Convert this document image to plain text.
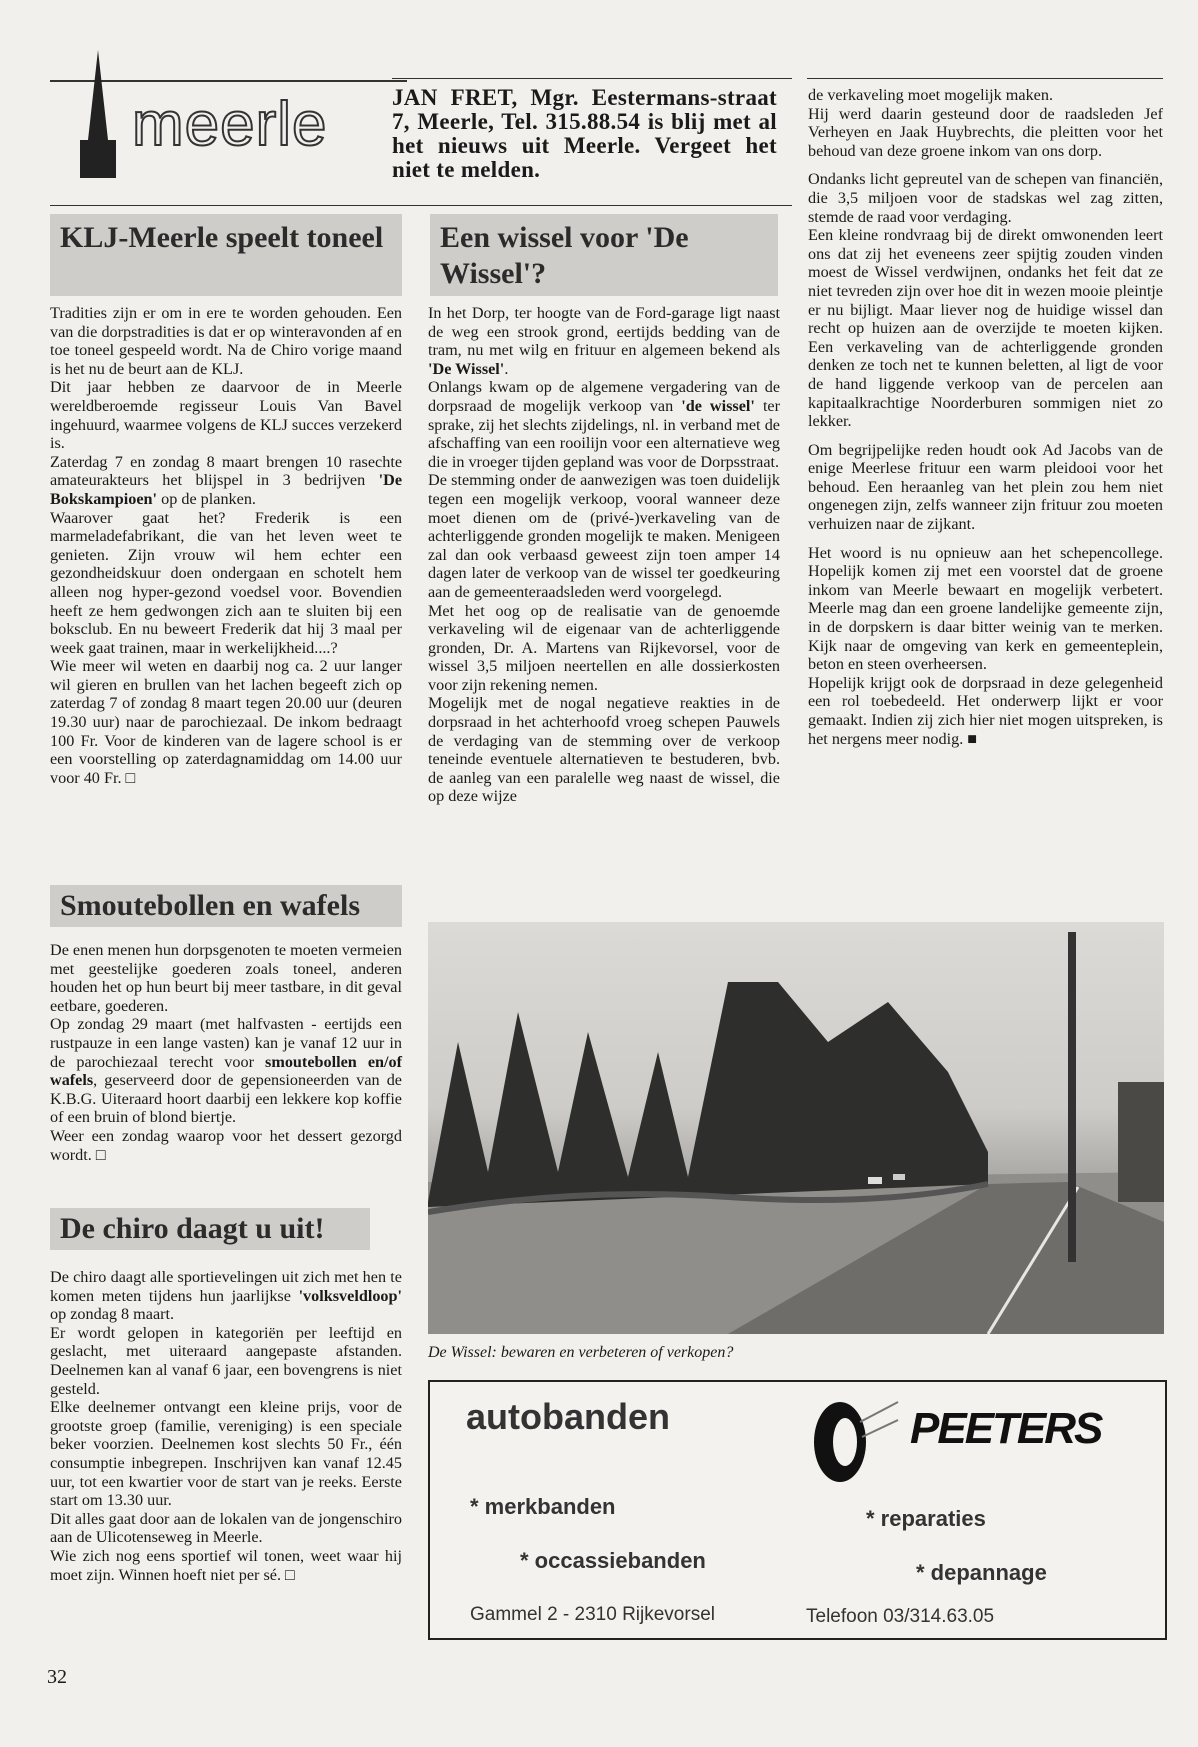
meerle	JAN FRET, Mgr. Eestermans-straat 7, Meerle, Tel. 315.88.54 is blij met al het nieuws uit Meerle. Vergeet het niet te melden.
KLJ-Meerle speelt toneel

Tradities zijn er om in ere te worden gehouden. Een van die dorpstradities is dat er op winteravonden af en toe toneel gespeeld wordt. Na de Chiro vorige maand is het nu de beurt aan de KLJ.

Dit jaar hebben ze daarvoor de in Meerle wereldberoemde regisseur Louis Van Bavel ingehuurd, waarmee volgens de KLJ succes verzekerd is.

Zaterdag 7 en zondag 8 maart brengen 10 rasechte amateurakteurs het blijspel in 3 bedrijven 'De Bokskampioen' op de planken.

Waarover gaat het? Frederik is een marmeladefabrikant, die van het leven weet te genieten. Zijn vrouw wil hem echter een gezondheidskuur doen ondergaan en schotelt hem alleen nog hyper-gezond voedsel voor. Bovendien heeft ze hem gedwongen zich aan te sluiten bij een boksclub. En nu beweert Frederik dat hij 3 maal per week gaat trainen, maar in werkelijkheid....?

Wie meer wil weten en daarbij nog ca. 2 uur langer wil gieren en brullen van het lachen begeeft zich op zaterdag 7 of zondag 8 maart tegen 20.00 uur (deuren 19.30 uur) naar de parochiezaal. De inkom bedraagt 100 Fr. Voor de kinderen van de lagere school is er een voorstelling op zaterdagnamiddag om 14.00 uur voor 40 Fr. □

Smoutebollen en wafels

De enen menen hun dorpsgenoten te moeten vermeien met geestelijke goederen zoals toneel, anderen houden het op hun beurt bij meer tastbare, in dit geval eetbare, goederen.

Op zondag 29 maart (met halfvasten - eertijds een rustpauze in een lange vasten) kan je vanaf 12 uur in de parochiezaal terecht voor smoutebollen en/of wafels, geserveerd door de gepensioneerden van de K.B.G. Uiteraard hoort daarbij een lekkere kop koffie of een bruin of blond biertje.

Weer een zondag waarop voor het dessert gezorgd wordt. □

De chiro daagt u uit!

De chiro daagt alle sportievelingen uit zich met hen te komen meten tijdens hun jaarlijkse 'volksveldloop' op zondag 8 maart.

Er wordt gelopen in kategoriën per leeftijd en geslacht, met uiteraard aangepaste afstanden. Deelnemen kan al vanaf 6 jaar, een bovengrens is niet gesteld.

Elke deelnemer ontvangt een kleine prijs, voor de grootste groep (familie, vereniging) is een speciale beker voorzien. Deelnemen kost slechts 50 Fr., één consumptie inbegrepen. Inschrijven kan vanaf 12.45 uur, tot een kwartier voor de start van je reeks. Eerste start om 13.30 uur.

Dit alles gaat door aan de lokalen van de jongenschiro aan de Ulicotenseweg in Meerle.

Wie zich nog eens sportief wil tonen, weet waar hij moet zijn. Winnen hoeft niet per sé. □

32
Een wissel voor 'De Wissel'?

In het Dorp, ter hoogte van de Ford-garage ligt naast de weg een strook grond, eertijds bedding van de tram, nu met wilg en frituur en algemeen bekend als 'De Wissel'.

Onlangs kwam op de algemene vergadering van de dorpsraad de mogelijk verkoop van 'de wissel' ter sprake, zij het slechts zijdelings, nl. in verband met de afschaffing van een rooilijn voor een alternatieve weg die in vroeger tijden gepland was voor de Dorpsstraat.

De stemming onder de aanwezigen was toen duidelijk tegen een mogelijk verkoop, vooral wanneer deze moet dienen om de (privé-)verkaveling van de achterliggende gronden mogelijk te maken. Menigeen zal dan ook verbaasd geweest zijn toen amper 14 dagen later de verkoop van de wissel ter goedkeuring aan de gemeenteraadsleden werd voorgelegd.

Met het oog op de realisatie van de genoemde verkaveling wil de eigenaar van de achterliggende gronden, Dr. A. Martens van Rijkevorsel, voor de wissel 3,5 miljoen neertellen en alle dossierkosten voor zijn rekening nemen.

Mogelijk met de nogal negatieve reakties in de dorpsraad in het achterhoofd vroeg schepen Pauwels de verdaging van de stemming over de verkoop teneinde eventuele alternatieven te bestuderen, bvb. de aanleg van een paralelle weg naast de wissel, die op deze wijze

de verkaveling moet mogelijk maken.

Hij werd daarin gesteund door de raadsleden Jef Verheyen en Jaak Huybrechts, die pleitten voor het behoud van deze groene inkom van ons dorp.

Ondanks licht gepreutel van de schepen van financiën, die 3,5 miljoen voor de stadskas wel zag zitten, stemde de raad voor verdaging.

Een kleine rondvraag bij de direkt omwonenden leert ons dat zij het eveneens zeer spijtig zouden vinden moest de Wissel verdwijnen, ondanks het feit dat ze niet tevreden zijn over hoe dit in wezen mooie pleintje er nu bijligt. Maar liever nog de huidige wissel dan recht op huizen aan de overzijde te moeten kijken. Een verkaveling van de achterliggende gronden denken ze toch net te kunnen beletten, al ligt de voor de hand liggende verkoop van de percelen aan kapitaalkrachtige Noorderburen sommigen niet zo lekker.

Om begrijpelijke reden houdt ook Ad Jacobs van de enige Meerlese frituur een warm pleidooi voor het behoud. Een heraanleg van het plein zou hem niet ongenegen zijn, zelfs wanneer zijn frituur zou moeten verhuizen naar de zijkant.

Het woord is nu opnieuw aan het schepencollege. Hopelijk komen zij met een voorstel dat de groene inkom van Meerle bewaart en mogelijk verbetert. Meerle mag dan een groene landelijke gemeente zijn, in de dorpskern is daar bitter weinig van te merken. Kijk naar de omgeving van kerk en gemeenteplein, beton en steen overheersen.

Hopelijk krijgt ook de dorpsraad in deze gelegenheid een rol toebedeeld. Het onderwerp lijkt er voor gemaakt. Indien zij zich hier niet mogen uitspreken, is het nergens meer nodig. ■

De Wissel: bewaren en verbeteren of verkopen?
autobanden	PEETERS
* merkbanden
* occassiebanden
* reparaties
* depannage
Gammel 2 - 2310 Rijkevorsel	Telefoon 03/314.63.05
